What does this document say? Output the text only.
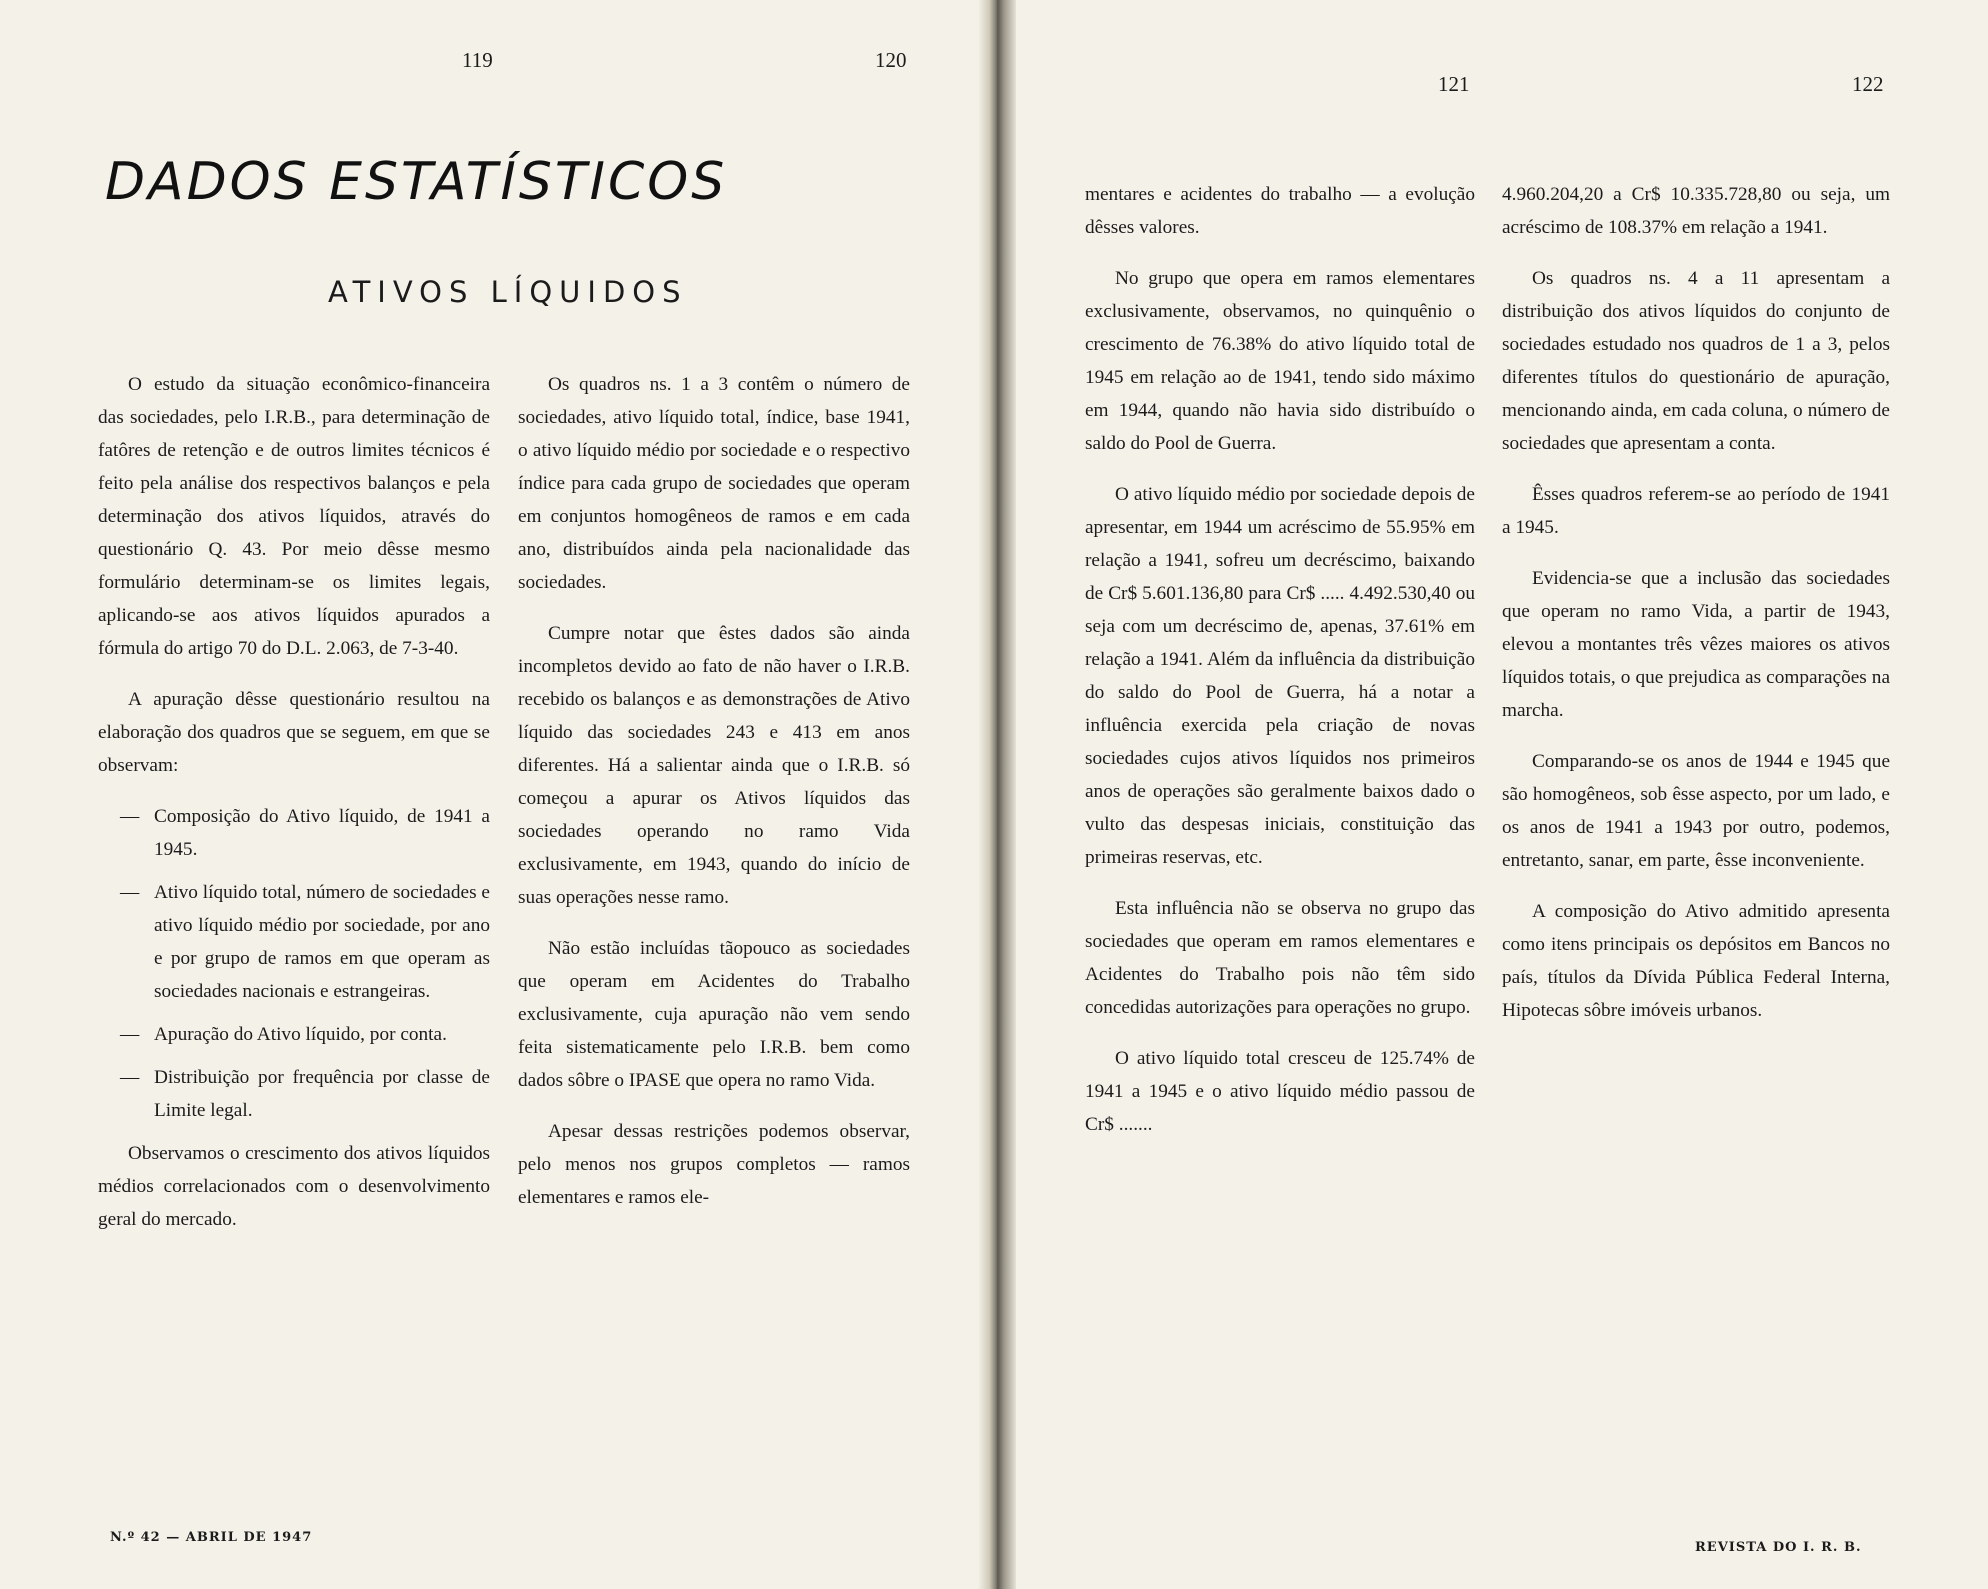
119	120
DADOS ESTATÍSTICOS
ATIVOS LÍQUIDOS

O estudo da situação econômico-financeira das sociedades, pelo I.R.B., para determinação de fatôres de retenção e de outros limites técnicos é feito pela análise dos respectivos balanços e pela determinação dos ativos líquidos, através do questionário Q. 43. Por meio dêsse mesmo formulário determinam-se os limites legais, aplicando-se aos ativos líquidos apurados a fórmula do artigo 70 do D.L. 2.063, de 7-3-40.

A apuração dêsse questionário resultou na elaboração dos quadros que se seguem, em que se observam:

— Composição do Ativo líquido, de 1941 a 1945.

— Ativo líquido total, número de sociedades e ativo líquido médio por sociedade, por ano e por grupo de ramos em que operam as sociedades nacionais e estrangeiras.

— Apuração do Ativo líquido, por conta.

— Distribuição por frequência por classe de Limite legal.

Observamos o crescimento dos ativos líquidos médios correlacionados com o desenvolvimento geral do mercado.

Os quadros ns. 1 a 3 contêm o número de sociedades, ativo líquido total, índice, base 1941, o ativo líquido médio por sociedade e o respectivo índice para cada grupo de sociedades que operam em conjuntos homogêneos de ramos e em cada ano, distribuídos ainda pela nacionalidade das sociedades.

Cumpre notar que êstes dados são ainda incompletos devido ao fato de não haver o I.R.B. recebido os balanços e as demonstrações de Ativo líquido das sociedades 243 e 413 em anos diferentes. Há a salientar ainda que o I.R.B. só começou a apurar os Ativos líquidos das sociedades operando no ramo Vida exclusivamente, em 1943, quando do início de suas operações nesse ramo.

Não estão incluídas tãopouco as sociedades que operam em Acidentes do Trabalho exclusivamente, cuja apuração não vem sendo feita sistematicamente pelo I.R.B. bem como dados sôbre o IPASE que opera no ramo Vida.

Apesar dessas restrições podemos observar, pelo menos nos grupos completos — ramos elementares e ramos ele-

N.º 42 — ABRIL DE 1947
121	122

mentares e acidentes do trabalho — a evolução dêsses valores.

No grupo que opera em ramos elementares exclusivamente, observamos, no quinquênio o crescimento de 76.38% do ativo líquido total de 1945 em relação ao de 1941, tendo sido máximo em 1944, quando não havia sido distribuído o saldo do Pool de Guerra.

O ativo líquido médio por sociedade depois de apresentar, em 1944 um acréscimo de 55.95% em relação a 1941, sofreu um decréscimo, baixando de Cr$ 5.601.136,80 para Cr$ ..... 4.492.530,40 ou seja com um decréscimo de, apenas, 37.61% em relação a 1941. Além da influência da distribuição do saldo do Pool de Guerra, há a notar a influência exercida pela criação de novas sociedades cujos ativos líquidos nos primeiros anos de operações são geralmente baixos dado o vulto das despesas iniciais, constituição das primeiras reservas, etc.

Esta influência não se observa no grupo das sociedades que operam em ramos elementares e Acidentes do Trabalho pois não têm sido concedidas autorizações para operações no grupo.

O ativo líquido total cresceu de 125.74% de 1941 a 1945 e o ativo líquido médio passou de Cr$ .......

4.960.204,20 a Cr$ 10.335.728,80 ou seja, um acréscimo de 108.37% em relação a 1941.

Os quadros ns. 4 a 11 apresentam a distribuição dos ativos líquidos do conjunto de sociedades estudado nos quadros de 1 a 3, pelos diferentes títulos do questionário de apuração, mencionando ainda, em cada coluna, o número de sociedades que apresentam a conta.

Êsses quadros referem-se ao período de 1941 a 1945.

Evidencia-se que a inclusão das sociedades que operam no ramo Vida, a partir de 1943, elevou a montantes três vêzes maiores os ativos líquidos totais, o que prejudica as comparações na marcha.

Comparando-se os anos de 1944 e 1945 que são homogêneos, sob êsse aspecto, por um lado, e os anos de 1941 a 1943 por outro, podemos, entretanto, sanar, em parte, êsse inconveniente.

A composição do Ativo admitido apresenta como itens principais os depósitos em Bancos no país, títulos da Dívida Pública Federal Interna, Hipotecas sôbre imóveis urbanos.

REVISTA DO I. R. B.
